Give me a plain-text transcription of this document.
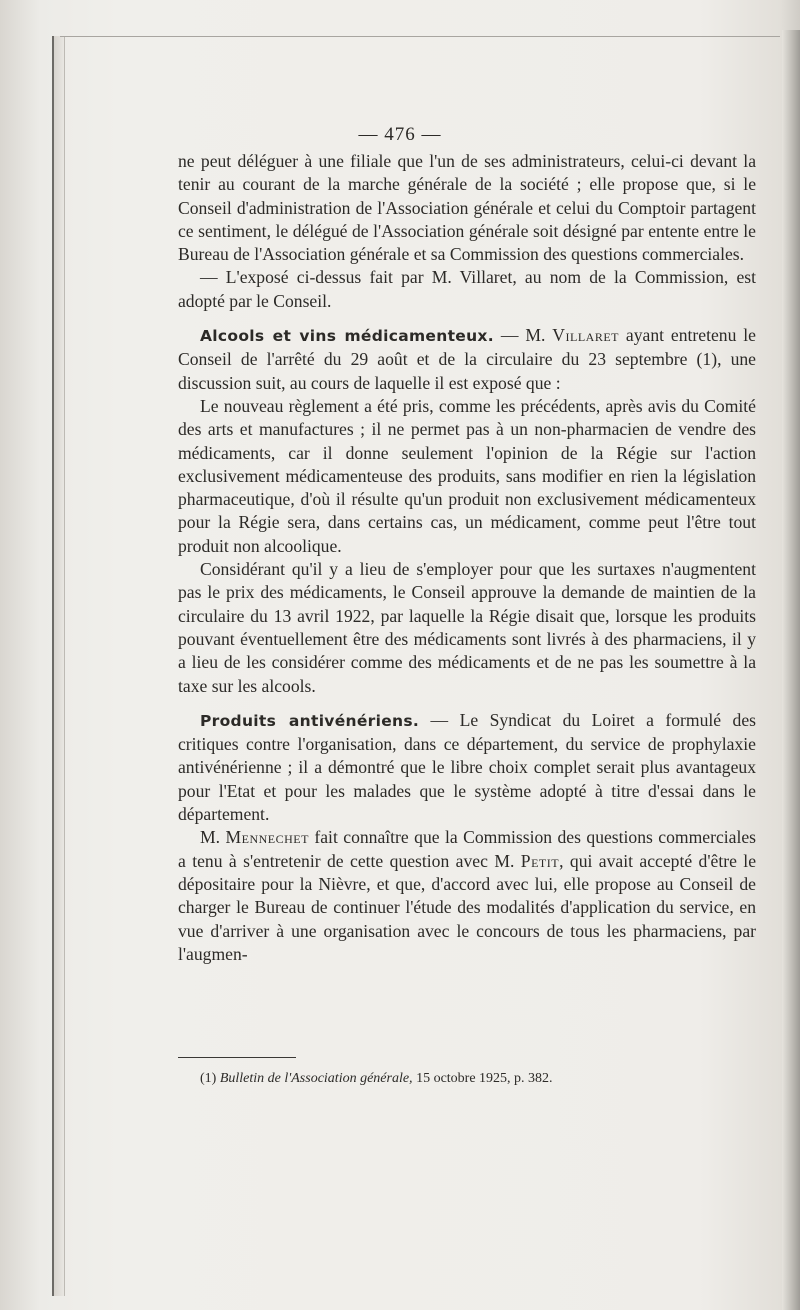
— 476 —

ne peut déléguer à une filiale que l'un de ses administrateurs, celui-ci devant la tenir au courant de la marche générale de la société ; elle propose que, si le Conseil d'administration de l'Association générale et celui du Comptoir partagent ce sentiment, le délégué de l'Association générale soit désigné par entente entre le Bureau de l'Association générale et sa Commission des questions commerciales.

— L'exposé ci-dessus fait par M. Villaret, au nom de la Commission, est adopté par le Conseil.

Alcools et vins médicamenteux. — M. Villaret ayant entretenu le Conseil de l'arrêté du 29 août et de la circulaire du 23 septembre (1), une discussion suit, au cours de laquelle il est exposé que :

Le nouveau règlement a été pris, comme les précédents, après avis du Comité des arts et manufactures ; il ne permet pas à un non-pharmacien de vendre des médicaments, car il donne seulement l'opinion de la Régie sur l'action exclusivement médicamenteuse des produits, sans modifier en rien la législation pharmaceutique, d'où il résulte qu'un produit non exclusivement médicamenteux pour la Régie sera, dans certains cas, un médicament, comme peut l'être tout produit non alcoolique.

Considérant qu'il y a lieu de s'employer pour que les surtaxes n'augmentent pas le prix des médicaments, le Conseil approuve la demande de maintien de la circulaire du 13 avril 1922, par laquelle la Régie disait que, lorsque les produits pouvant éventuellement être des médicaments sont livrés à des pharmaciens, il y a lieu de les considérer comme des médicaments et de ne pas les soumettre à la taxe sur les alcools.

Produits antivénériens. — Le Syndicat du Loiret a formulé des critiques contre l'organisation, dans ce département, du service de prophylaxie antivénérienne ; il a démontré que le libre choix complet serait plus avantageux pour l'Etat et pour les malades que le système adopté à titre d'essai dans le département.

M. Mennechet fait connaître que la Commission des questions commerciales a tenu à s'entretenir de cette question avec M. Petit, qui avait accepté d'être le dépositaire pour la Nièvre, et que, d'accord avec lui, elle propose au Conseil de charger le Bureau de continuer l'étude des modalités d'application du service, en vue d'arriver à une organisation avec le concours de tous les pharmaciens, par l'augmen-

(1) Bulletin de l'Association générale, 15 octobre 1925, p. 382.
